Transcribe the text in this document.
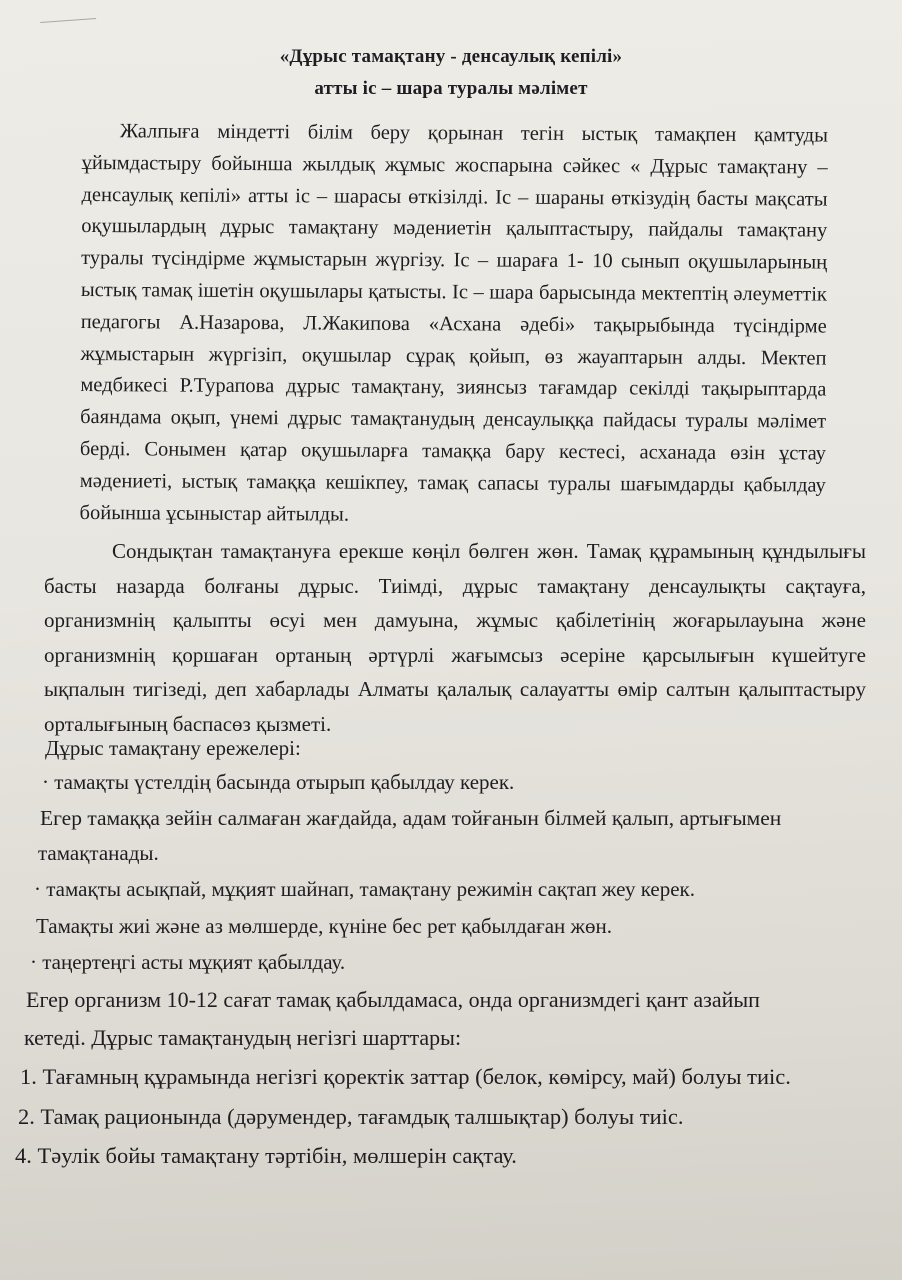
«Дұрыс тамақтану - денсаулық кепілі»
атты іс – шара туралы мәлімет

Жалпыға міндетті білім беру қорынан тегін ыстық тамақпен қамтуды ұйымдастыру бойынша жылдық жұмыс жоспарына сәйкес « Дұрыс тамақтану – денсаулық кепілі» атты іс – шарасы өткізілді. Іс – шараны өткізудің басты мақсаты оқушылардың дұрыс тамақтану мәдениетін қалыптастыру, пайдалы тамақтану туралы түсіндірме жұмыстарын жүргізу. Іс – шараға 1- 10 сынып оқушыларының ыстық тамақ ішетін оқушылары қатысты. Іс – шара барысында мектептің әлеуметтік педагогы А.Назарова, Л.Жакипова «Асхана әдебі» тақырыбында түсіндірме жұмыстарын жүргізіп, оқушылар сұрақ қойып, өз жауаптарын алды. Мектеп медбикесі Р.Турапова дұрыс тамақтану, зиянсыз тағамдар секілді тақырыптарда баяндама оқып, үнемі дұрыс тамақтанудың денсаулыққа пайдасы туралы мәлімет берді. Сонымен қатар оқушыларға тамаққа бару кестесі, асханада өзін ұстау мәдениеті, ыстық тамаққа кешікпеу, тамақ сапасы туралы шағымдарды қабылдау бойынша ұсыныстар айтылды.

Сондықтан тамақтануға ерекше көңіл бөлген жөн. Тамақ құрамының құндылығы басты назарда болғаны дұрыс. Тиімді, дұрыс тамақтану денсаулықты сақтауға, организмнің қалыпты өсуі мен дамуына, жұмыс қабілетінің жоғарылауына және организмнің қоршаған ортаның әртүрлі жағымсыз әсеріне қарсылығын күшейтуге ықпалын тигізеді, деп хабарлады Алматы қалалық салауатты өмір салтын қалыптастыру орталығының баспасөз қызметі.

Дұрыс тамақтану ережелері:
· тамақты үстелдің басында отырып қабылдау керек.
Егер тамаққа зейін салмаған жағдайда, адам тойғанын білмей қалып, артығымен
тамақтанады.
· тамақты асықпай, мұқият шайнап, тамақтану режимін сақтап жеу керек.
Тамақты жиі және аз мөлшерде, күніне бес рет қабылдаған жөн.
· таңертеңгі асты мұқият қабылдау.
Егер организм 10-12 сағат тамақ қабылдамаса, онда организмдегі қант азайып
кетеді. Дұрыс тамақтанудың негізгі шарттары:
1. Тағамның құрамында негізгі қоректік заттар (белок, көмірсу, май) болуы тиіс.
2. Тамақ рационында (дәрумендер, тағамдық талшықтар) болуы тиіс.
4. Тәулік бойы тамақтану тәртібін, мөлшерін сақтау.
